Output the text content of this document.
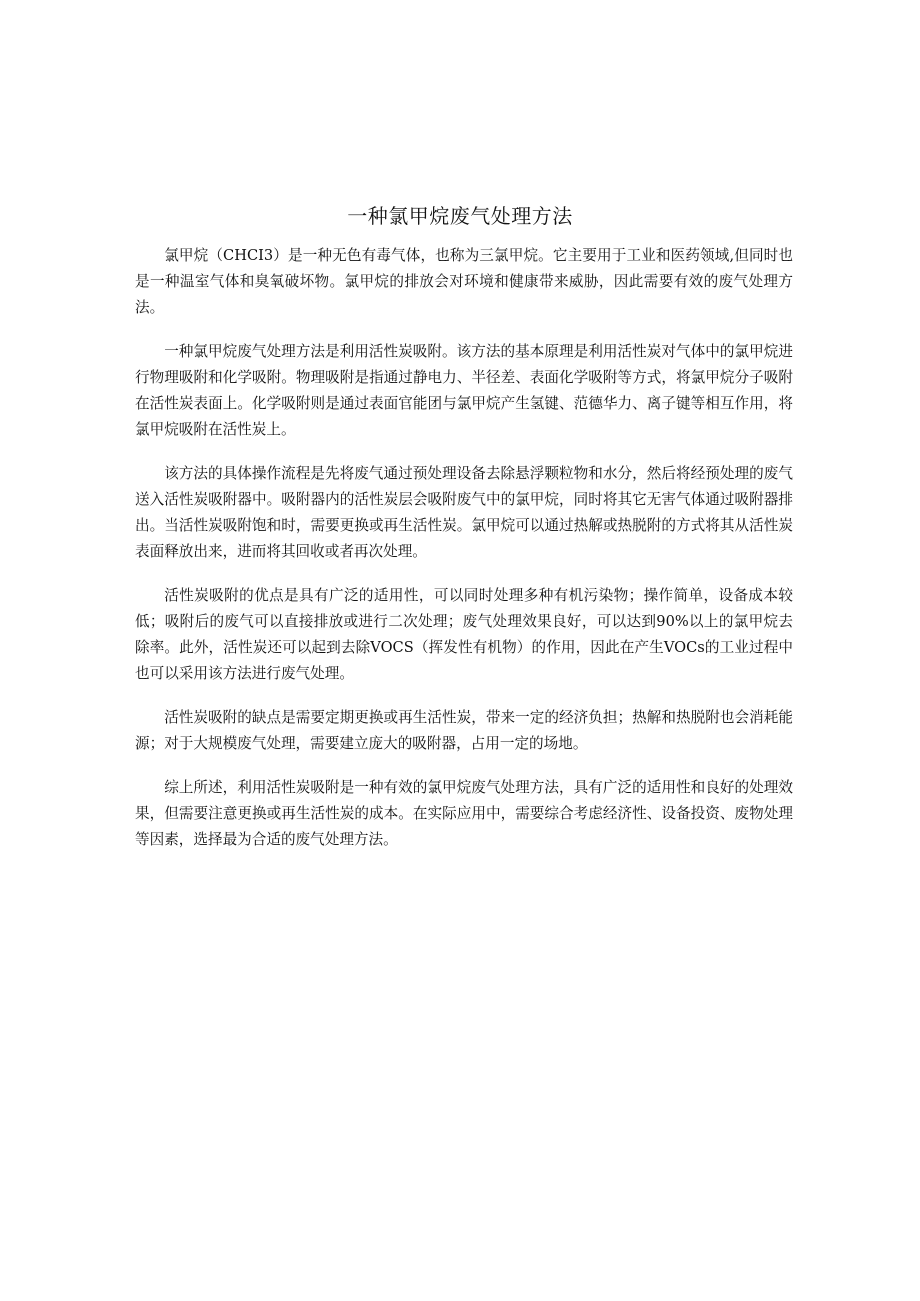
一种氯甲烷废气处理方法

氯甲烷（CHCI3）是一种无色有毒气体，也称为三氯甲烷。它主要用于工业和医药领域,但同时也是一种温室气体和臭氧破坏物。氯甲烷的排放会对环境和健康带来威胁，因此需要有效的废气处理方法。

一种氯甲烷废气处理方法是利用活性炭吸附。该方法的基本原理是利用活性炭对气体中的氯甲烷进行物理吸附和化学吸附。物理吸附是指通过静电力、半径差、表面化学吸附等方式，将氯甲烷分子吸附在活性炭表面上。化学吸附则是通过表面官能团与氯甲烷产生氢键、范德华力、离子键等相互作用，将氯甲烷吸附在活性炭上。

该方法的具体操作流程是先将废气通过预处理设备去除悬浮颗粒物和水分，然后将经预处理的废气送入活性炭吸附器中。吸附器内的活性炭层会吸附废气中的氯甲烷，同时将其它无害气体通过吸附器排出。当活性炭吸附饱和时，需要更换或再生活性炭。氯甲烷可以通过热解或热脱附的方式将其从活性炭表面释放出来，进而将其回收或者再次处理。

活性炭吸附的优点是具有广泛的适用性，可以同时处理多种有机污染物；操作简单，设备成本较低；吸附后的废气可以直接排放或进行二次处理；废气处理效果良好，可以达到90%以上的氯甲烷去除率。此外，活性炭还可以起到去除VOCS（挥发性有机物）的作用，因此在产生VOCs的工业过程中也可以采用该方法进行废气处理。

活性炭吸附的缺点是需要定期更换或再生活性炭，带来一定的经济负担；热解和热脱附也会消耗能源；对于大规模废气处理，需要建立庞大的吸附器，占用一定的场地。

综上所述，利用活性炭吸附是一种有效的氯甲烷废气处理方法，具有广泛的适用性和良好的处理效果，但需要注意更换或再生活性炭的成本。在实际应用中，需要综合考虑经济性、设备投资、废物处理等因素，选择最为合适的废气处理方法。
